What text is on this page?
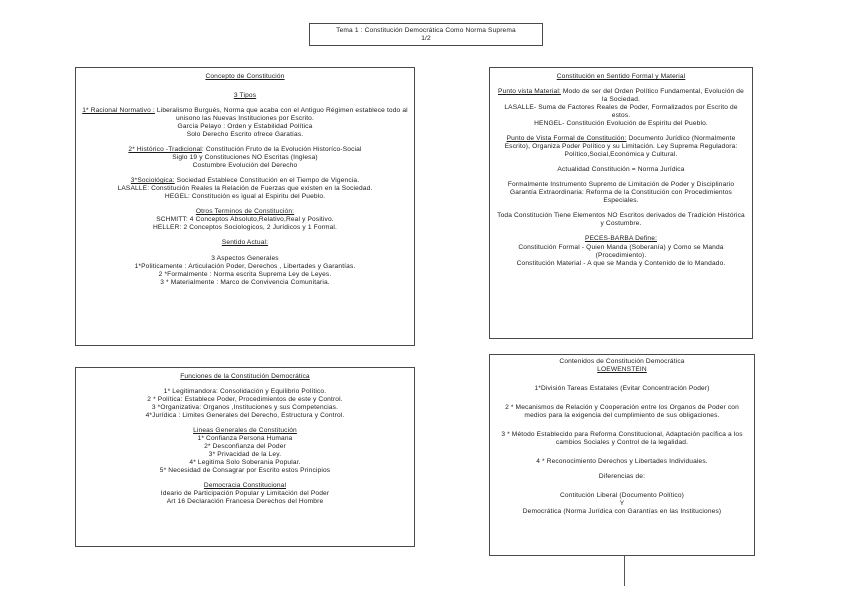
Tema 1 : Constitución Democrática Como Norma Suprema

1/2

Concepto de Constitución

3 Tipos

1* Racional Normativo : Liberalismo Burgués, Norma que acaba con el Antiguo Régimen establece todo al unisono las Nuevas Instituciones por Escrito.

García Pelayo : Orden y Estabilidad Política

Solo Derecho Escrito ofrece Garatías.

2* Histórico -Tradicional: Constitución Fruto de la Evolución Historíco-Social

Siglo 19 y Constituciones NO Escritas (Inglesa)

Costumbre Evolución del Derecho

3*Sociológica: Sociedad Establece Constitución en el Tiempo de Vigencia.

LASALLE: Constitución Reales la Relación de Fuerzas que existen en la Sociedad.

HEGEL: Constitución es igual al Espiritu del Pueblo.

Otros Terminos de Constitución:

SCHMITT: 4 Conceptos Absoluto,Relativo,Real y Positivo.

HELLER: 2 Conceptos Sociologicos, 2 Jurídicos y 1 Formal.

Sentido Actual:

3 Aspectos Generales

1*Politicamente : Articulación Poder, Derechos , Libertades y Garantías.

2 *Formalmente : Norma escrita Suprema Ley de Leyes.

3 * Materialmente : Marco de Convivencia Comunitaria.

Constitución en Sentido Formal y Material

Punto vista Material: Modo de ser del Orden Político Fundamental, Evolución de la Sociedad.

LASALLE- Suma de Factores Reales de Poder, Formalizados por Escrito de estos.

HENGEL- Constitución Evolución de Espiritu del Pueblo.

Punto de Vista Formal de Constitución: Documento Jurídico (Normalmente Escrito), Organiza Poder Político y su Limitación. Ley Suprema Reguladora: Político,Social,Económica y Cultural.

Actualidad Constitución = Norma Jurídica

Formalmente Instrumento Supremo de Limitación de Poder y Disciplinario

Garantía Extraordinaria: Reforma de la Constitución con Procedimientos Especiales.

Toda Constitución Tiene Elementos NO Escritos derivados de Tradición Histórica y Costumbre.

PECES-BARBA Define:

Constitución Formal - Quien Manda (Soberanía) y Como se Manda (Procedimiento).

Constitución Material - A que se Manda y Contenido de lo Mandado.

Funciones de la Constitución Democrática

1* Legitimandora: Consolidación y Equilibrio Político.

2 * Política: Establece Poder, Procedimientos de este y Control.

3 *Organizativa: Organos ,Instituciones y sus Competencias.

4*Jurídica : Limites Generales del Derecho, Estructura y Control.

Lineas Generales de Constitución

1* Confianza Persona Humana

2* Desconfianza del Poder

3* Privacidad de la Ley.

4* Legitima Solo Soberania Popular.

5* Necesidad de Consagrar por Escrito estos Principios

Democracia Constitucional

Ideario de Participación Popular y Limitación del Poder

Art 16 Declaración Francesa Derechos del Hombre

Contenidos de Constitución Democrática

LOEWENSTEIN

1*División Tareas Estatales (Evitar Concentración Poder)

2 * Mecanismos de Relación y Cooperación entre los Organos de Poder con medios para la exigencia del cumplimiento de sus obligaciones.

3 * Método Establecido para Reforma Constitucional, Adaptación pacífica a los cambios Sociales y Control de la legalidad.

4 * Reconocimiento Derechos y Libertades Individuales.

Diferencias de:

Contitución Liberal (Documento Político)

Y

Democrática (Norma Jurídica con Garantías en las Instituciones)
